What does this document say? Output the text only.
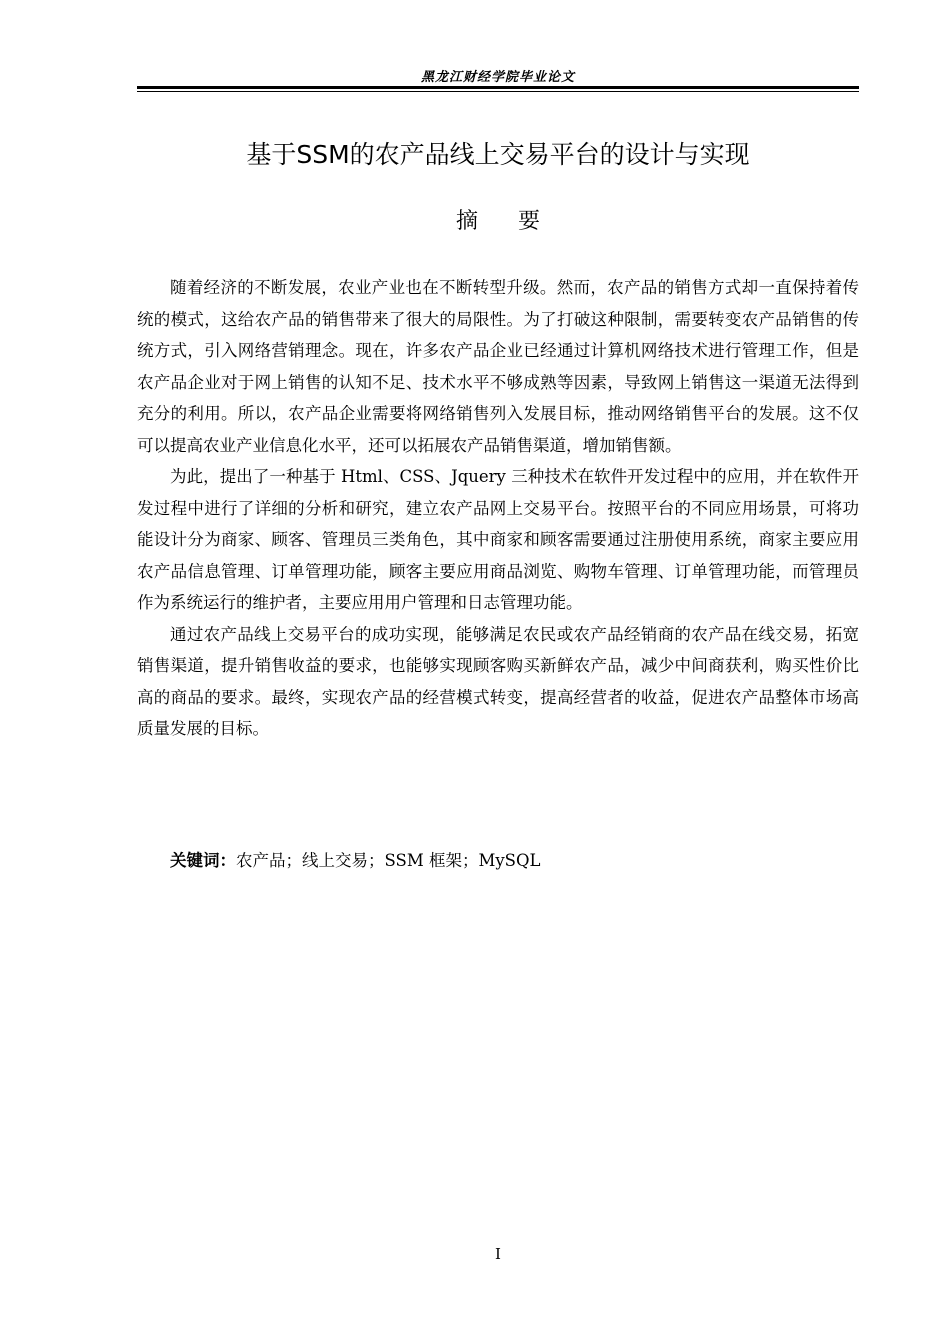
黑龙江财经学院毕业论文
基于SSM的农产品线上交易平台的设计与实现
摘要

随着经济的不断发展，农业产业也在不断转型升级。然而，农产品的销售方式却一直保持着传统的模式，这给农产品的销售带来了很大的局限性。为了打破这种限制，需要转变农产品销售的传统方式，引入网络营销理念。现在，许多农产品企业已经通过计算机网络技术进行管理工作，但是农产品企业对于网上销售的认知不足、技术水平不够成熟等因素，导致网上销售这一渠道无法得到充分的利用。所以，农产品企业需要将网络销售列入发展目标，推动网络销售平台的发展。这不仅可以提高农业产业信息化水平，还可以拓展农产品销售渠道，增加销售额。

为此，提出了一种基于 Html、CSS、Jquery 三种技术在软件开发过程中的应用，并在软件开发过程中进行了详细的分析和研究，建立农产品网上交易平台。按照平台的不同应用场景，可将功能设计分为商家、顾客、管理员三类角色，其中商家和顾客需要通过注册使用系统，商家主要应用农产品信息管理、订单管理功能，顾客主要应用商品浏览、购物车管理、订单管理功能，而管理员作为系统运行的维护者，主要应用用户管理和日志管理功能。

通过农产品线上交易平台的成功实现，能够满足农民或农产品经销商的农产品在线交易，拓宽销售渠道，提升销售收益的要求，也能够实现顾客购买新鲜农产品，减少中间商获利，购买性价比高的商品的要求。最终，实现农产品的经营模式转变，提高经营者的收益，促进农产品整体市场高质量发展的目标。

关键词：农产品；线上交易；SSM 框架；MySQL
I
